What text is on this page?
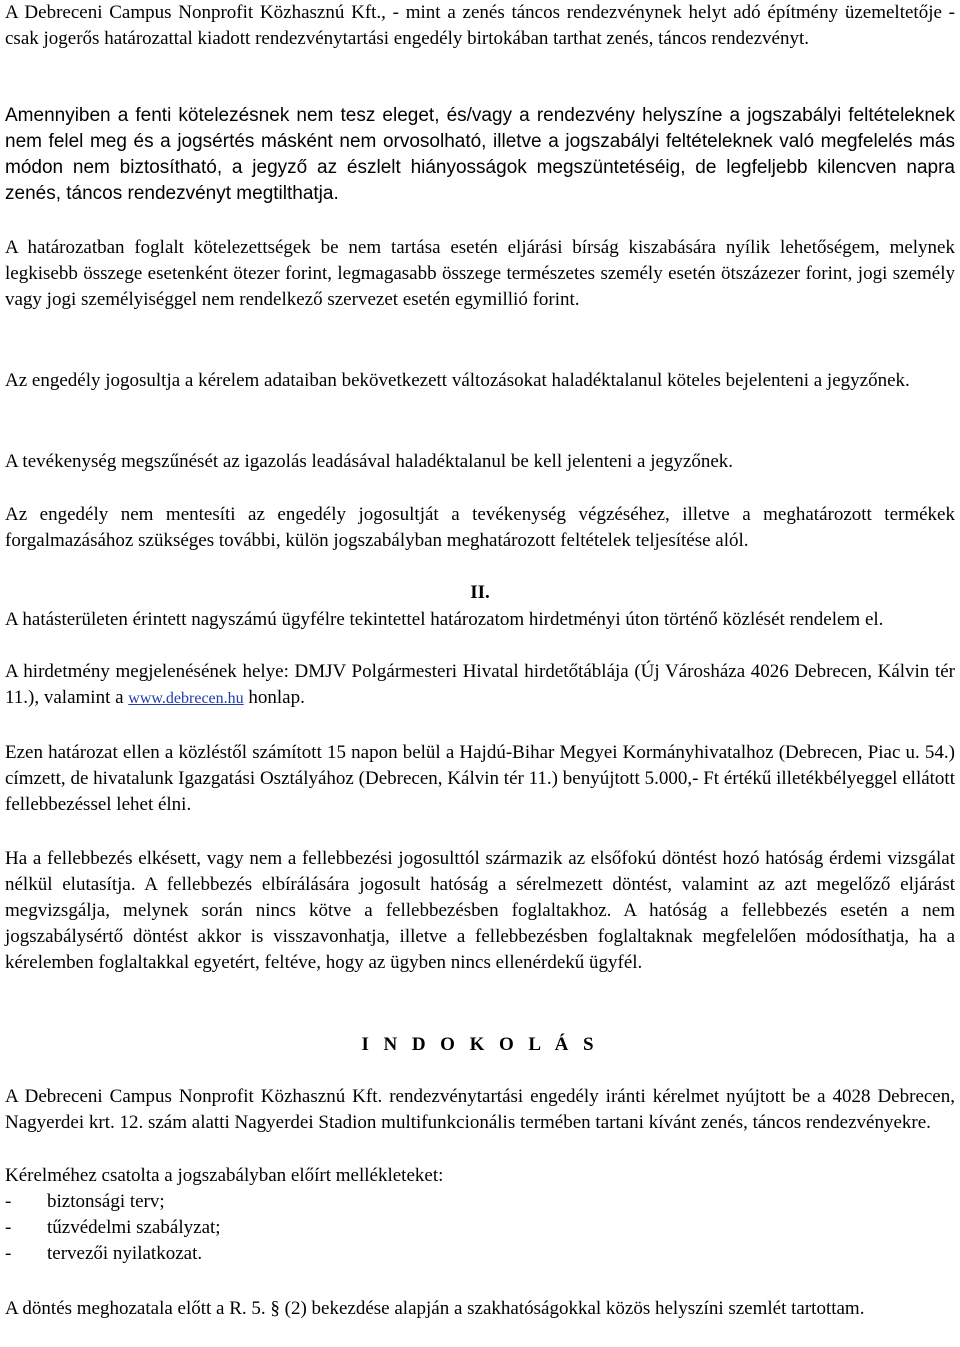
A Debreceni Campus Nonprofit Közhasznú Kft., - mint a zenés táncos rendezvénynek helyt adó építmény üzemeltetője - csak jogerős határozattal kiadott rendezvénytartási engedély birtokában tarthat zenés, táncos rendezvényt.

Amennyiben a fenti kötelezésnek nem tesz eleget, és/vagy a rendezvény helyszíne a jogszabályi feltételeknek nem felel meg és a jogsértés másként nem orvosolható, illetve a jogszabályi feltételeknek való megfelelés más módon nem biztosítható, a jegyző az észlelt hiányosságok megszüntetéséig, de legfeljebb kilencven napra zenés, táncos rendezvényt megtilthatja.

A határozatban foglalt kötelezettségek be nem tartása esetén eljárási bírság kiszabására nyílik lehetőségem, melynek legkisebb összege esetenként ötezer forint, legmagasabb összege természetes személy esetén ötszázezer forint, jogi személy vagy jogi személyiséggel nem rendelkező szervezet esetén egymillió forint.

Az engedély jogosultja a kérelem adataiban bekövetkezett változásokat haladéktalanul köteles bejelenteni a jegyzőnek.

A tevékenység megszűnését az igazolás leadásával haladéktalanul be kell jelenteni a jegyzőnek.

Az engedély nem mentesíti az engedély jogosultját a tevékenység végzéséhez, illetve a meghatározott termékek forgalmazásához szükséges további, külön jogszabályban meghatározott feltételek teljesítése alól.

II.

A hatásterületen érintett nagyszámú ügyfélre tekintettel határozatom hirdetményi úton történő közlését rendelem el.

A hirdetmény megjelenésének helye: DMJV Polgármesteri Hivatal hirdetőtáblája (Új Városháza 4026 Debrecen, Kálvin tér 11.), valamint a www.debrecen.hu honlap.

Ezen határozat ellen a közléstől számított 15 napon belül a Hajdú-Bihar Megyei Kormányhivatalhoz (Debrecen, Piac u. 54.) címzett, de hivatalunk Igazgatási Osztályához (Debrecen, Kálvin tér 11.) benyújtott 5.000,- Ft értékű illetékbélyeggel ellátott fellebbezéssel lehet élni.

Ha a fellebbezés elkésett, vagy nem a fellebbezési jogosulttól származik az elsőfokú döntést hozó hatóság érdemi vizsgálat nélkül elutasítja. A fellebbezés elbírálására jogosult hatóság a sérelmezett döntést, valamint az azt megelőző eljárást megvizsgálja, melynek során nincs kötve a fellebbezésben foglaltakhoz. A hatóság a fellebbezés esetén a nem jogszabálysértő döntést akkor is visszavonhatja, illetve a fellebbezésben foglaltaknak megfelelően módosíthatja, ha a kérelemben foglaltakkal egyetért, feltéve, hogy az ügyben nincs ellenérdekű ügyfél.

I N D O K O L Á S

A Debreceni Campus Nonprofit Közhasznú Kft. rendezvénytartási engedély iránti kérelmet nyújtott be a 4028 Debrecen, Nagyerdei krt. 12. szám alatti Nagyerdei Stadion multifunkcionális termében tartani kívánt zenés, táncos rendezvényekre.

Kérelméhez csatolta a jogszabályban előírt mellékleteket:

-	biztonsági terv;
-	tűzvédelmi szabályzat;
-	tervezői nyilatkozat.

A döntés meghozatala előtt a R. 5. § (2) bekezdése alapján a szakhatóságokkal közös helyszíni szemlét tartottam.
